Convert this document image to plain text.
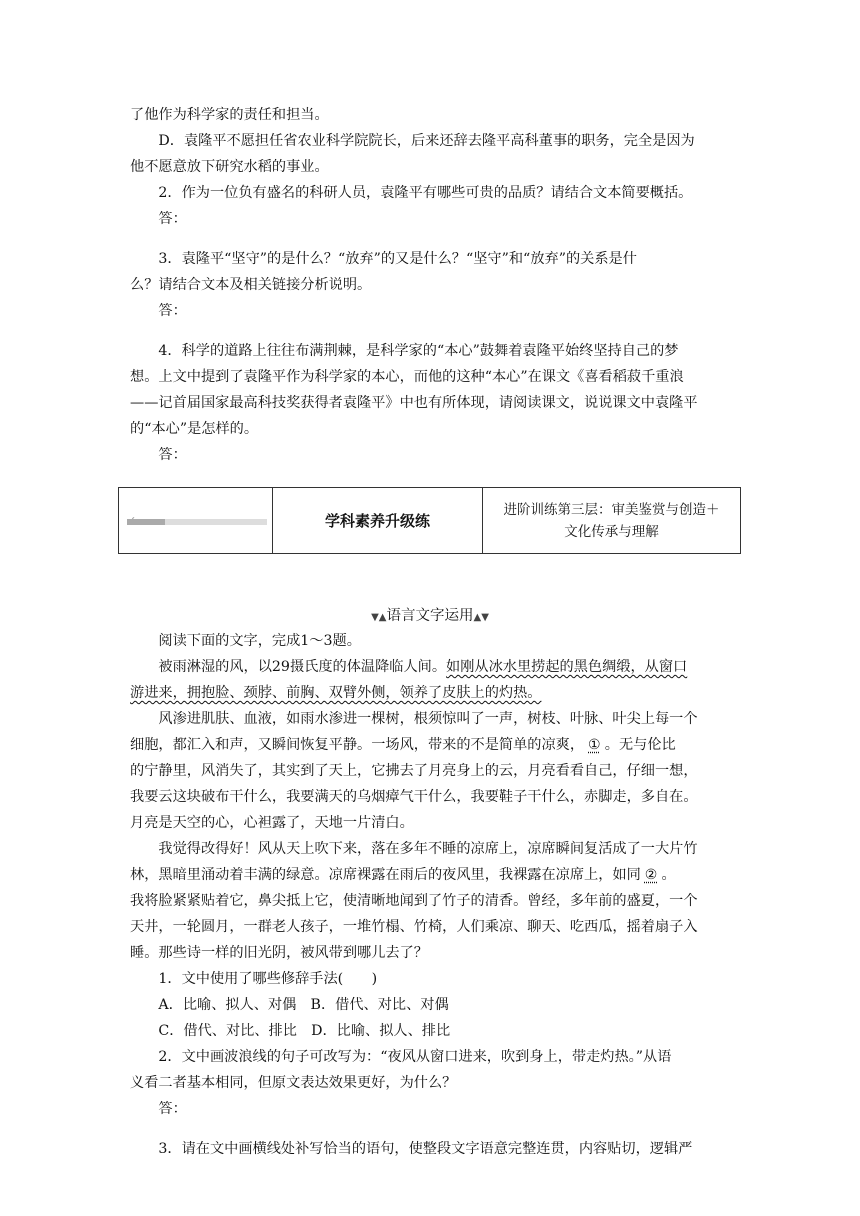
了他作为科学家的责任和担当。

D．袁隆平不愿担任省农业科学院院长，后来还辞去隆平高科董事的职务，完全是因为

他不愿意放下研究水稻的事业。

2．作为一位负有盛名的科研人员，袁隆平有哪些可贵的品质？请结合文本简要概括。

答：

3．袁隆平“坚守”的是什么？“放弃”的又是什么？“坚守”和“放弃”的关系是什

么？请结合文本及相关链接分析说明。

答：

4．科学的道路上往往布满荆棘，是科学家的“本心”鼓舞着袁隆平始终坚持自己的梦

想。上文中提到了袁隆平作为科学家的本心，而他的这种“本心”在课文《喜看稻菽千重浪

——记首届国家最高科技奖获得者袁隆平》中也有所体现，请阅读课文，说说课文中袁隆平

的“本心”是怎样的。

答：

学科素养升级练
进阶训练第三层：审美鉴赏与创造＋
文化传承与理解
▼▲语言文字运用▲▼

阅读下面的文字，完成1～3题。

被雨淋湿的风，以29摄氏度的体温降临人间。如刚从冰水里捞起的黑色绸缎，从窗口

游进来，拥抱脸、颈脖、前胸、双臂外侧，领养了皮肤上的灼热。

风渗进肌肤、血液，如雨水渗进一棵树，根须惊叫了一声，树枝、叶脉、叶尖上每一个

细胞，都汇入和声，又瞬间恢复平静。一场风，带来的不是简单的凉爽， ① 。无与伦比

的宁静里，风消失了，其实到了天上，它拂去了月亮身上的云，月亮看看自己，仔细一想，

我要云这块破布干什么，我要满天的乌烟瘴气干什么，我要鞋子干什么，赤脚走，多自在。

月亮是天空的心，心袒露了，天地一片清白。

我觉得改得好！风从天上吹下来，落在多年不睡的凉席上，凉席瞬间复活成了一大片竹

林，黑暗里涌动着丰满的绿意。凉席裸露在雨后的夜风里，我裸露在凉席上，如同 ② 。

我将脸紧紧贴着它，鼻尖抵上它，使清晰地闻到了竹子的清香。曾经，多年前的盛夏，一个

天井，一轮圆月，一群老人孩子，一堆竹榻、竹椅，人们乘凉、聊天、吃西瓜，摇着扇子入

睡。那些诗一样的旧光阴，被风带到哪儿去了？

1．文中使用了哪些修辞手法(　　)

A．比喻、拟人、对偶　B．借代、对比、对偶

C．借代、对比、排比　D．比喻、拟人、排比

2．文中画波浪线的句子可改写为：“夜风从窗口进来，吹到身上，带走灼热。”从语

义看二者基本相同，但原文表达效果更好，为什么？

答：

3．请在文中画横线处补写恰当的语句，使整段文字语意完整连贯，内容贴切，逻辑严
